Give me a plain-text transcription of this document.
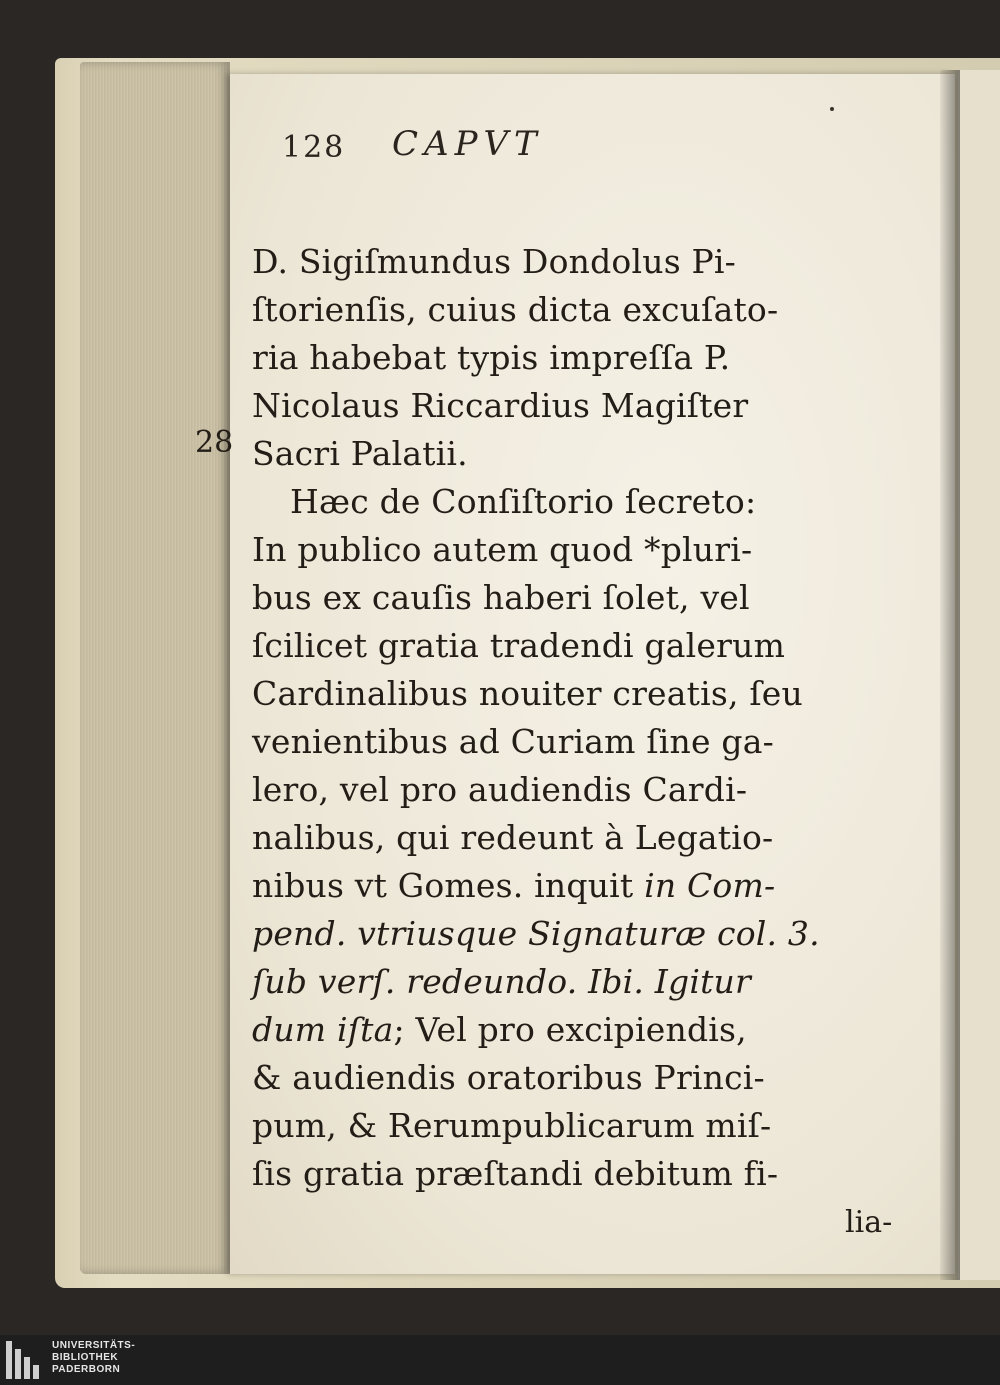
128 CAPVT
28
D. Sigiſmundus Dondolus Pi-
ſtorienſis, cuius dicta excuſato-
ria habebat typis impreſſa P.
Nicolaus Riccardius Magiſter
Sacri Palatii.
Hæc de Conſiſtorio ſecreto:
In publico autem quod *pluri-
bus ex cauſis haberi ſolet, vel
ſcilicet gratia tradendi galerum
Cardinalibus nouiter creatis, ſeu
venientibus ad Curiam ſine ga-
lero, vel pro audiendis Cardi-
nalibus, qui redeunt à Legatio-
nibus vt Gomes. inquit in Com-
pend. vtriusque Signaturæ col. 3.
ſub verſ. redeundo. Ibi. Igitur
dum iſta; Vel pro excipiendis,
& audiendis oratoribus Princi-
pum, & Rerumpublicarum miſ-
ſis gratia præſtandi debitum fi-
lia-
UNIVERSITÄTS-
BIBLIOTHEK
PADERBORN
